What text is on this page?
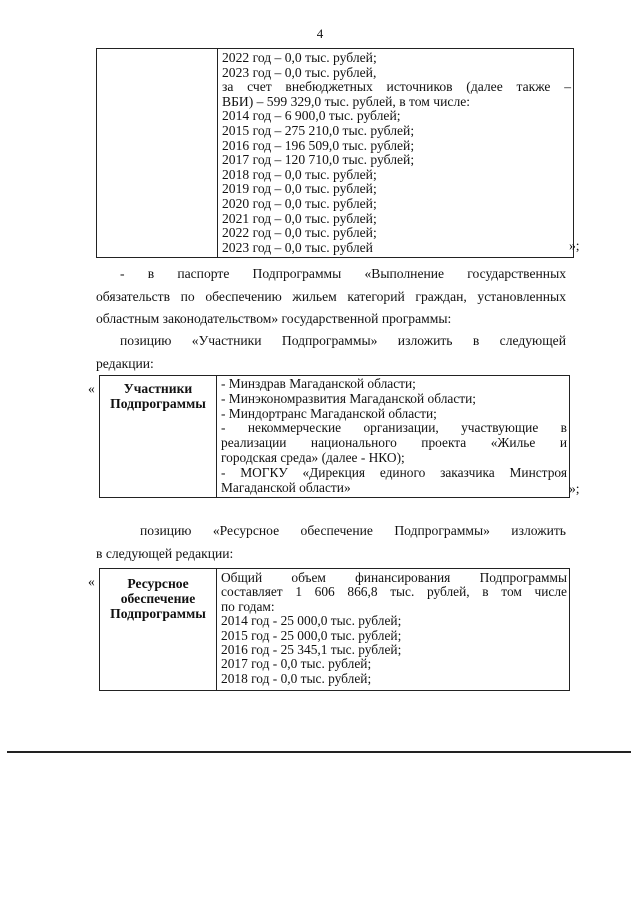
4

2022 год – 0,0 тыс. рублей;
2023 год – 0,0 тыс. рублей,
за счет внебюджетных источников (далее также –
ВБИ) – 599 329,0 тыс. рублей, в том числе:
2014 год – 6 900,0 тыс. рублей;
2015 год – 275 210,0 тыс. рублей;
2016 год – 196 509,0 тыс. рублей;
2017 год – 120 710,0 тыс. рублей;
2018 год – 0,0 тыс. рублей;
2019 год – 0,0 тыс. рублей;
2020 год – 0,0 тыс. рублей;
2021 год – 0,0 тыс. рублей;
2022 год – 0,0 тыс. рублей;
2023 год – 0,0 тыс. рублей	»;
- в паспорте Подпрограммы «Выполнение государственных
обязательств по обеспечению жильем категорий граждан, установленных
областным законодательством» государственной программы:
позицию «Участники Подпрограммы» изложить в следующей
редакции:
«	Участники
Подпрограммы

- Минздрав Магаданской области;
- Минэкономразвития Магаданской области;
- Миндортранс Магаданской области;
- некоммерческие организации, участвующие в
реализации национального проекта «Жилье и
городская среда» (далее - НКО);
- МОГКУ «Дирекция единого заказчика Минстроя
Магаданской области»	»;
позицию «Ресурсное обеспечение Подпрограммы» изложить
в следующей редакции:
«	Ресурсное
обеспечение
Подпрограммы

Общий объем финансирования Подпрограммы
составляет 1 606 866,8 тыс. рублей, в том числе
по годам:
2014 год - 25 000,0 тыс. рублей;
2015 год - 25 000,0 тыс. рублей;
2016 год - 25 345,1 тыс. рублей;
2017 год - 0,0 тыс. рублей;
2018 год - 0,0 тыс. рублей;
